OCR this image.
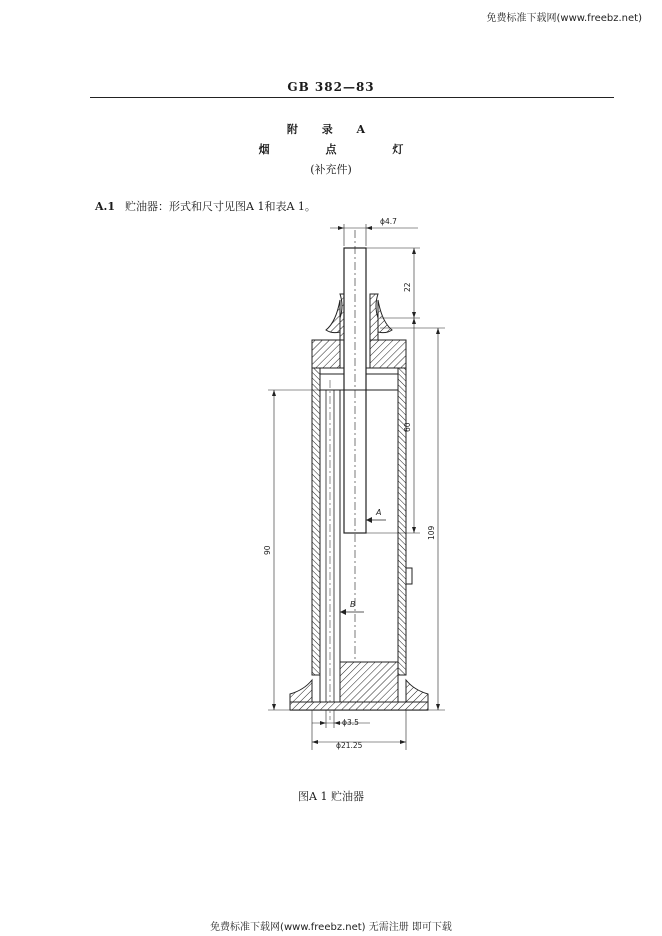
免费标准下载网(www.freebz.net)
GB 382—83
附 录 A
烟 点 灯
(补充件)
A.1 贮油器：形式和尺寸见图A 1和表A 1。
A
B
ϕ4.7
22
60
109
90
ϕ3.5
ϕ21.25
图A 1 贮油器
免费标准下载网(www.freebz.net) 无需注册 即可下载
